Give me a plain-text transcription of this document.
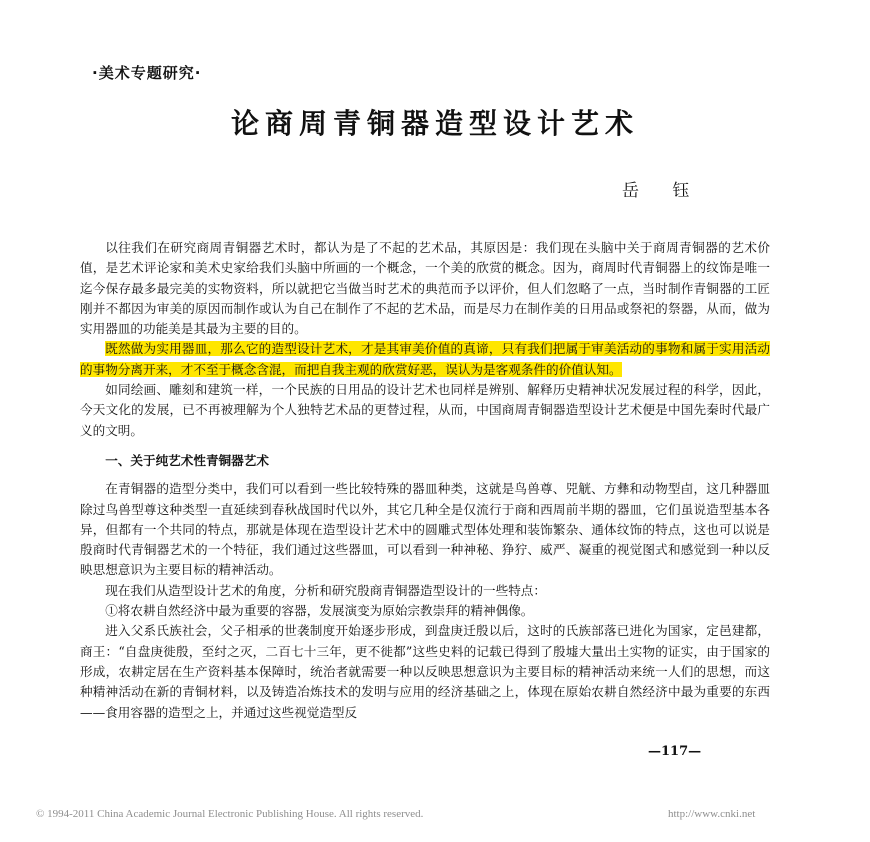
·美术专题研究·
论商周青铜器造型设计艺术
岳 钰

以往我们在研究商周青铜器艺术时，都认为是了不起的艺术品，其原因是：我们现在头脑中关于商周青铜器的艺术价值，是艺术评论家和美术史家给我们头脑中所画的一个概念，一个美的欣赏的概念。因为，商周时代青铜器上的纹饰是唯一迄今保存最多最完美的实物资料，所以就把它当做当时艺术的典范而予以评价，但人们忽略了一点，当时制作青铜器的工匠刚并不都因为审美的原因而制作或认为自己在制作了不起的艺术品，而是尽力在制作美的日用品或祭祀的祭器，从而，做为实用器皿的功能美是其最为主要的目的。

既然做为实用器皿，那么它的造型设计艺术，才是其审美价值的真谛，只有我们把属于审美活动的事物和属于实用活动的事物分离开来，才不至于概念含混，而把自我主观的欣赏好恶，误认为是客观条件的价值认知。

如同绘画、雕刻和建筑一样，一个民族的日用品的设计艺术也同样是辨别、解释历史精神状况发展过程的科学，因此，今天文化的发展，已不再被理解为个人独特艺术品的更替过程，从而，中国商周青铜器造型设计艺术便是中国先秦时代最广义的文明。

一、关于纯艺术性青铜器艺术

在青铜器的造型分类中，我们可以看到一些比较特殊的器皿种类，这就是鸟兽尊、兕觥、方彝和动物型卣，这几种器皿除过鸟兽型尊这种类型一直延续到春秋战国时代以外，其它几种全是仅流行于商和西周前半期的器皿，它们虽说造型基本各异，但都有一个共同的特点，那就是体现在造型设计艺术中的圆雕式型体处理和装饰繁杂、通体纹饰的特点，这也可以说是殷商时代青铜器艺术的一个特征，我们通过这些器皿，可以看到一种神秘、狰狞、威严、凝重的视觉图式和感觉到一种以反映思想意识为主要目标的精神活动。

现在我们从造型设计艺术的角度，分析和研究殷商青铜器造型设计的一些特点：

①将农耕自然经济中最为重要的容器，发展演变为原始宗教崇拜的精神偶像。

进入父系氏族社会，父子相承的世袭制度开始逐步形成，到盘庚迁殷以后，这时的氏族部落已进化为国家，定邑建都，商王：“自盘庚徙殷，至纣之灭，二百七十三年，更不徙都”这些史料的记载已得到了殷墟大量出土实物的证实，由于国家的形成，农耕定居在生产资料基本保障时，统治者就需要一种以反映思想意识为主要目标的精神活动来统一人们的思想，而这种精神活动在新的青铜材料，以及铸造冶炼技术的发明与应用的经济基础之上，体现在原始农耕自然经济中最为重要的东西——食用容器的造型之上，并通过这些视觉造型反

—117—
© 1994-2011 China Academic Journal Electronic Publishing House. All rights reserved.	http://www.cnki.net
